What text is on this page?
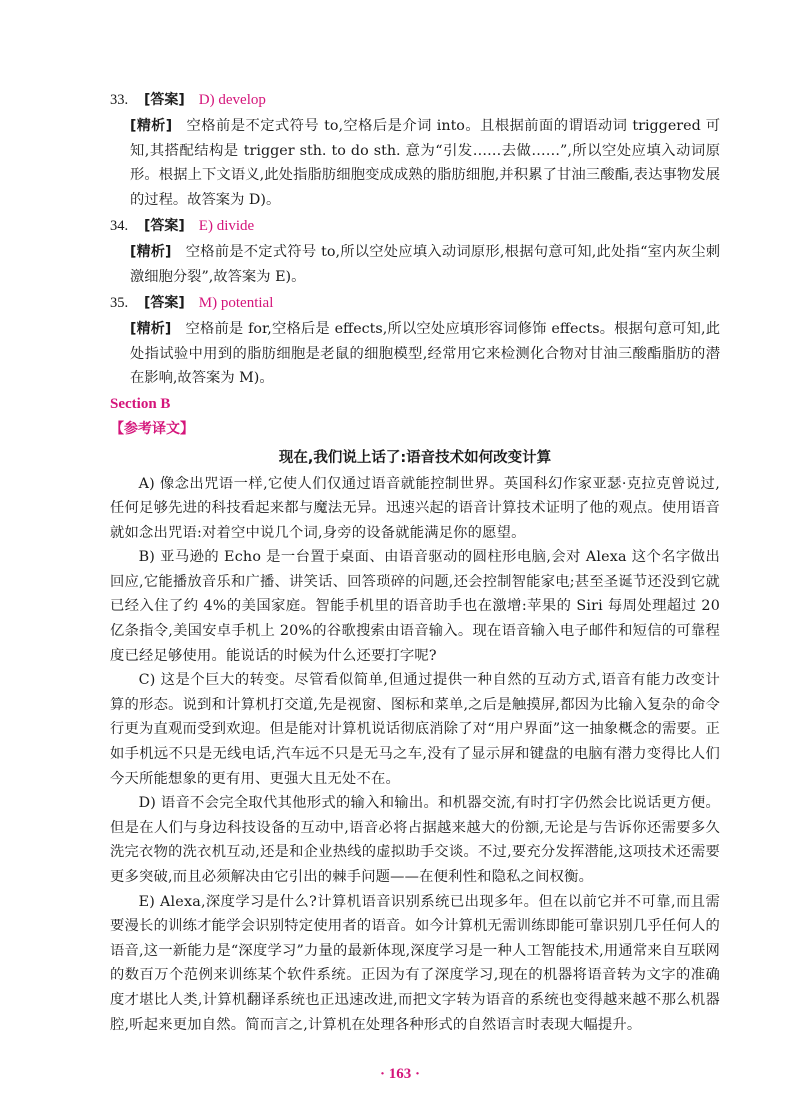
33. [答案] D) develop
[精析] 空格前是不定式符号 to,空格后是介词 into。且根据前面的谓语动词 triggered 可知,其搭配结构是 trigger sth. to do sth. 意为“引发……去做……”,所以空处应填入动词原形。根据上下文语义,此处指脂肪细胞变成成熟的脂肪细胞,并积累了甘油三酸酯,表达事物发展的过程。故答案为 D)。
34. [答案] E) divide
[精析] 空格前是不定式符号 to,所以空处应填入动词原形,根据句意可知,此处指“室内灰尘刺激细胞分裂”,故答案为 E)。
35. [答案] M) potential
[精析] 空格前是 for,空格后是 effects,所以空处应填形容词修饰 effects。根据句意可知,此处指试验中用到的脂肪细胞是老鼠的细胞模型,经常用它来检测化合物对甘油三酸酯脂肪的潜在影响,故答案为 M)。
Section B
【参考译文】
现在,我们说上话了:语音技术如何改变计算

A) 像念出咒语一样,它使人们仅通过语音就能控制世界。英国科幻作家亚瑟·克拉克曾说过,任何足够先进的科技看起来都与魔法无异。迅速兴起的语音计算技术证明了他的观点。使用语音就如念出咒语:对着空中说几个词,身旁的设备就能满足你的愿望。

B) 亚马逊的 Echo 是一台置于桌面、由语音驱动的圆柱形电脑,会对 Alexa 这个名字做出回应,它能播放音乐和广播、讲笑话、回答琐碎的问题,还会控制智能家电;甚至圣诞节还没到它就已经入住了约 4%的美国家庭。智能手机里的语音助手也在激增:苹果的 Siri 每周处理超过 20 亿条指令,美国安卓手机上 20%的谷歌搜索由语音输入。现在语音输入电子邮件和短信的可靠程度已经足够使用。能说话的时候为什么还要打字呢?

C) 这是个巨大的转变。尽管看似简单,但通过提供一种自然的互动方式,语音有能力改变计算的形态。说到和计算机打交道,先是视窗、图标和菜单,之后是触摸屏,都因为比输入复杂的命令行更为直观而受到欢迎。但是能对计算机说话彻底消除了对“用户界面”这一抽象概念的需要。正如手机远不只是无线电话,汽车远不只是无马之车,没有了显示屏和键盘的电脑有潜力变得比人们今天所能想象的更有用、更强大且无处不在。

D) 语音不会完全取代其他形式的输入和输出。和机器交流,有时打字仍然会比说话更方便。但是在人们与身边科技设备的互动中,语音必将占据越来越大的份额,无论是与告诉你还需要多久洗完衣物的洗衣机互动,还是和企业热线的虚拟助手交谈。不过,要充分发挥潜能,这项技术还需要更多突破,而且必须解决由它引出的棘手问题——在便利性和隐私之间权衡。

E) Alexa,深度学习是什么?计算机语音识别系统已出现多年。但在以前它并不可靠,而且需要漫长的训练才能学会识别特定使用者的语音。如今计算机无需训练即能可靠识别几乎任何人的语音,这一新能力是“深度学习”力量的最新体现,深度学习是一种人工智能技术,用通常来自互联网的数百万个范例来训练某个软件系统。正因为有了深度学习,现在的机器将语音转为文字的准确度才堪比人类,计算机翻译系统也正迅速改进,而把文字转为语音的系统也变得越来越不那么机器腔,听起来更加自然。简而言之,计算机在处理各种形式的自然语言时表现大幅提升。

· 163 ·
